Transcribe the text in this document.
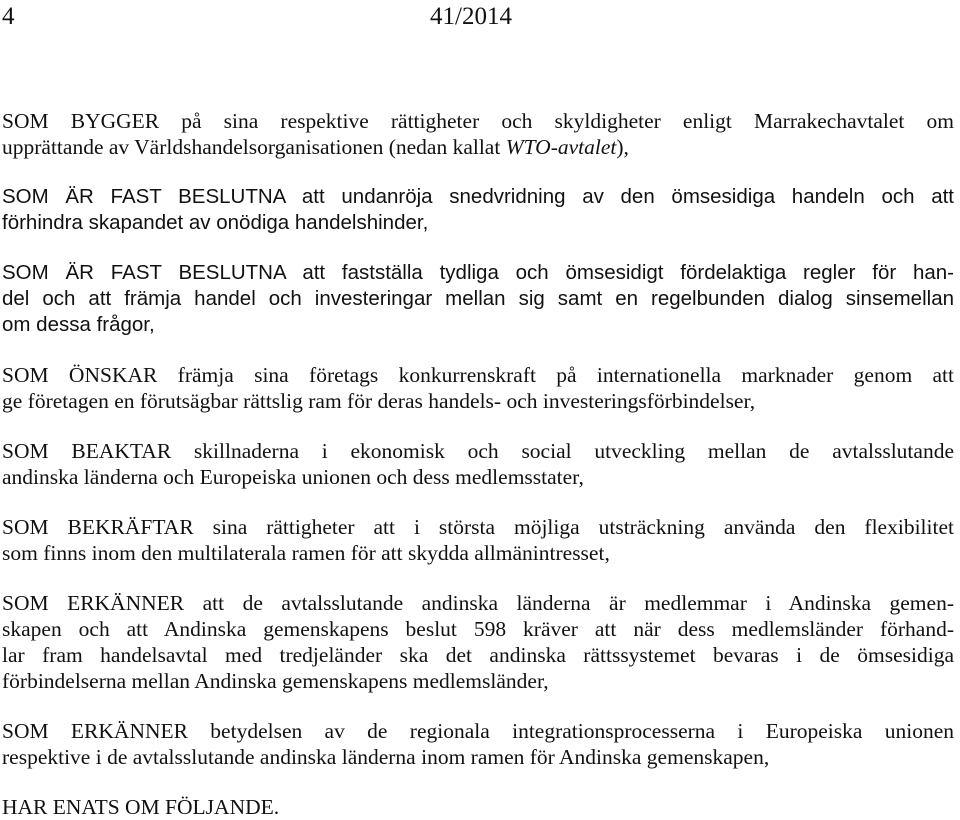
4	41/2014

SOM BYGGER på sina respektive rättigheter och skyldigheter enligt Marrakechavtalet om
upprättande av Världshandelsorganisationen (nedan kallat WTO-avtalet),

SOM ÄR FAST BESLUTNA att undanröja snedvridning av den ömsesidiga handeln och att
förhindra skapandet av onödiga handelshinder,

SOM ÄR FAST BESLUTNA att fastställa tydliga och ömsesidigt fördelaktiga regler för han-
del och att främja handel och investeringar mellan sig samt en regelbunden dialog sinsemellan
om dessa frågor,

SOM ÖNSKAR främja sina företags konkurrenskraft på internationella marknader genom att
ge företagen en förutsägbar rättslig ram för deras handels- och investeringsförbindelser,

SOM BEAKTAR skillnaderna i ekonomisk och social utveckling mellan de avtalsslutande
andinska länderna och Europeiska unionen och dess medlemsstater,

SOM BEKRÄFTAR sina rättigheter att i största möjliga utsträckning använda den flexibilitet
som finns inom den multilaterala ramen för att skydda allmänintresset,

SOM ERKÄNNER att de avtalsslutande andinska länderna är medlemmar i Andinska gemen-
skapen och att Andinska gemenskapens beslut 598 kräver att när dess medlemsländer förhand-
lar fram handelsavtal med tredjeländer ska det andinska rättssystemet bevaras i de ömsesidiga
förbindelserna mellan Andinska gemenskapens medlemsländer,

SOM ERKÄNNER betydelsen av de regionala integrationsprocesserna i Europeiska unionen
respektive i de avtalsslutande andinska länderna inom ramen för Andinska gemenskapen,

HAR ENATS OM FÖLJANDE.
